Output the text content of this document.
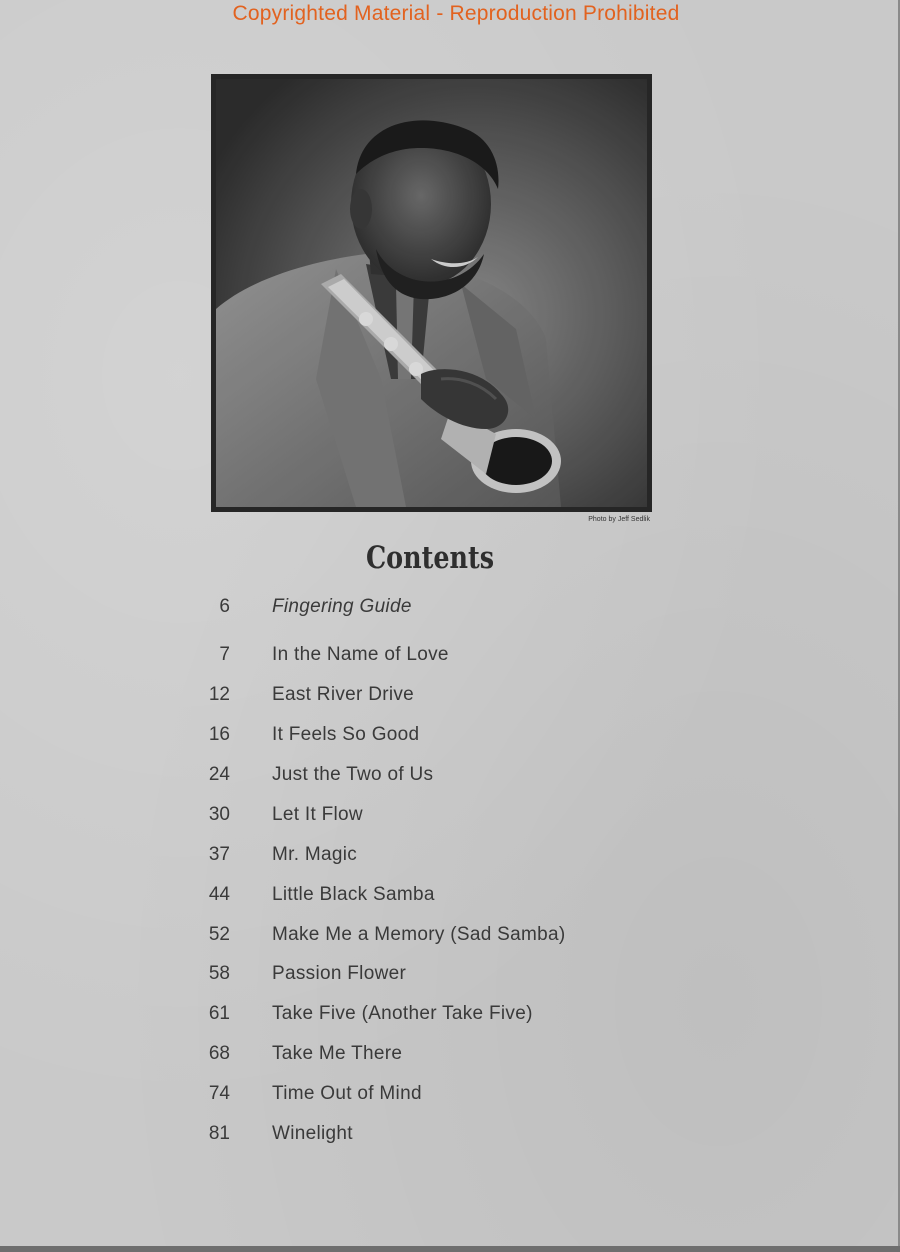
Copyrighted Material - Reproduction Prohibited
Photo by Jeff Sedlik
Contents
6 Fingering Guide
7 In the Name of Love
12 East River Drive
16 It Feels So Good
24 Just the Two of Us
30 Let It Flow
37 Mr. Magic
44 Little Black Samba
52 Make Me a Memory (Sad Samba)
58 Passion Flower
61 Take Five (Another Take Five)
68 Take Me There
74 Time Out of Mind
81 Winelight
